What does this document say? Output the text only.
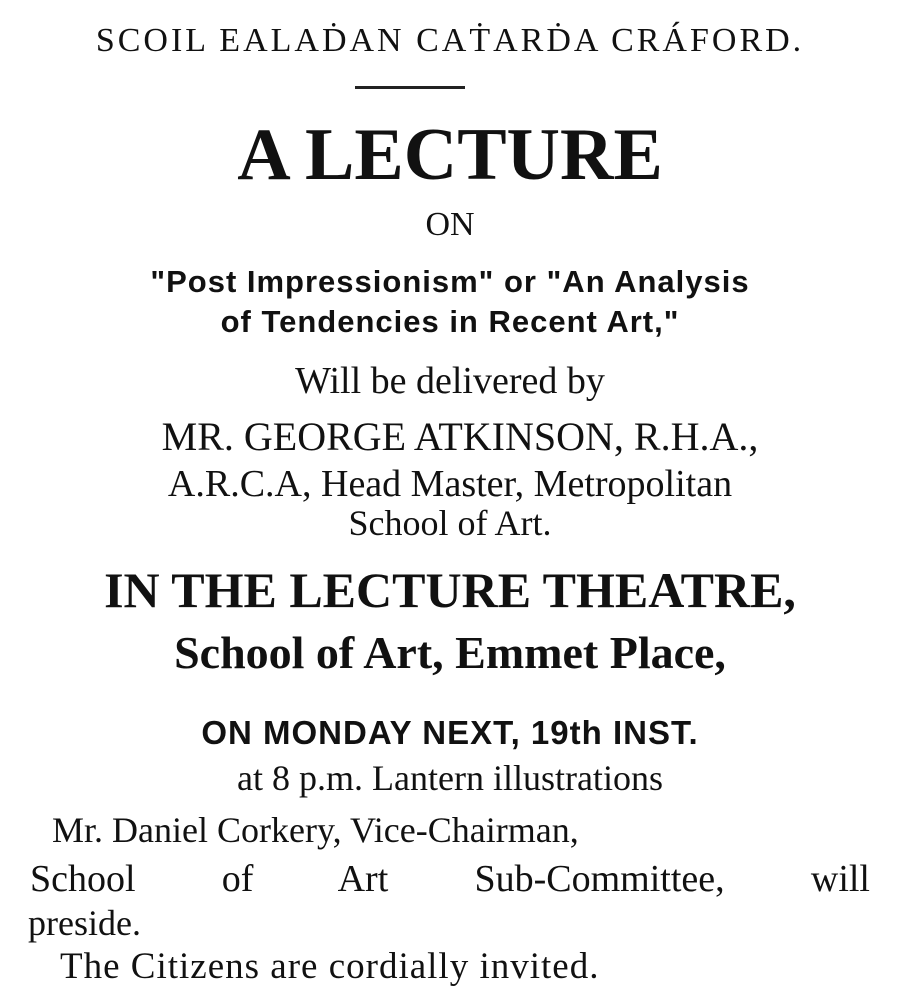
SCOIL EALAḊAN CAṪARḊA CRÁFORD.
A LECTURE
ON
"Post Impressionism" or "An Analysis
of Tendencies in Recent Art,"
Will be delivered by
MR. GEORGE ATKINSON, R.H.A.,
A.R.C.A, Head Master, Metropolitan
School of Art.
IN THE LECTURE THEATRE,
School of Art, Emmet Place,
ON MONDAY NEXT, 19th INST.
at 8 p.m. Lantern illustrations
Mr. Daniel Corkery, Vice-Chairman,
School of Art Sub-Committee, will
preside.
The Citizens are cordially invited.
